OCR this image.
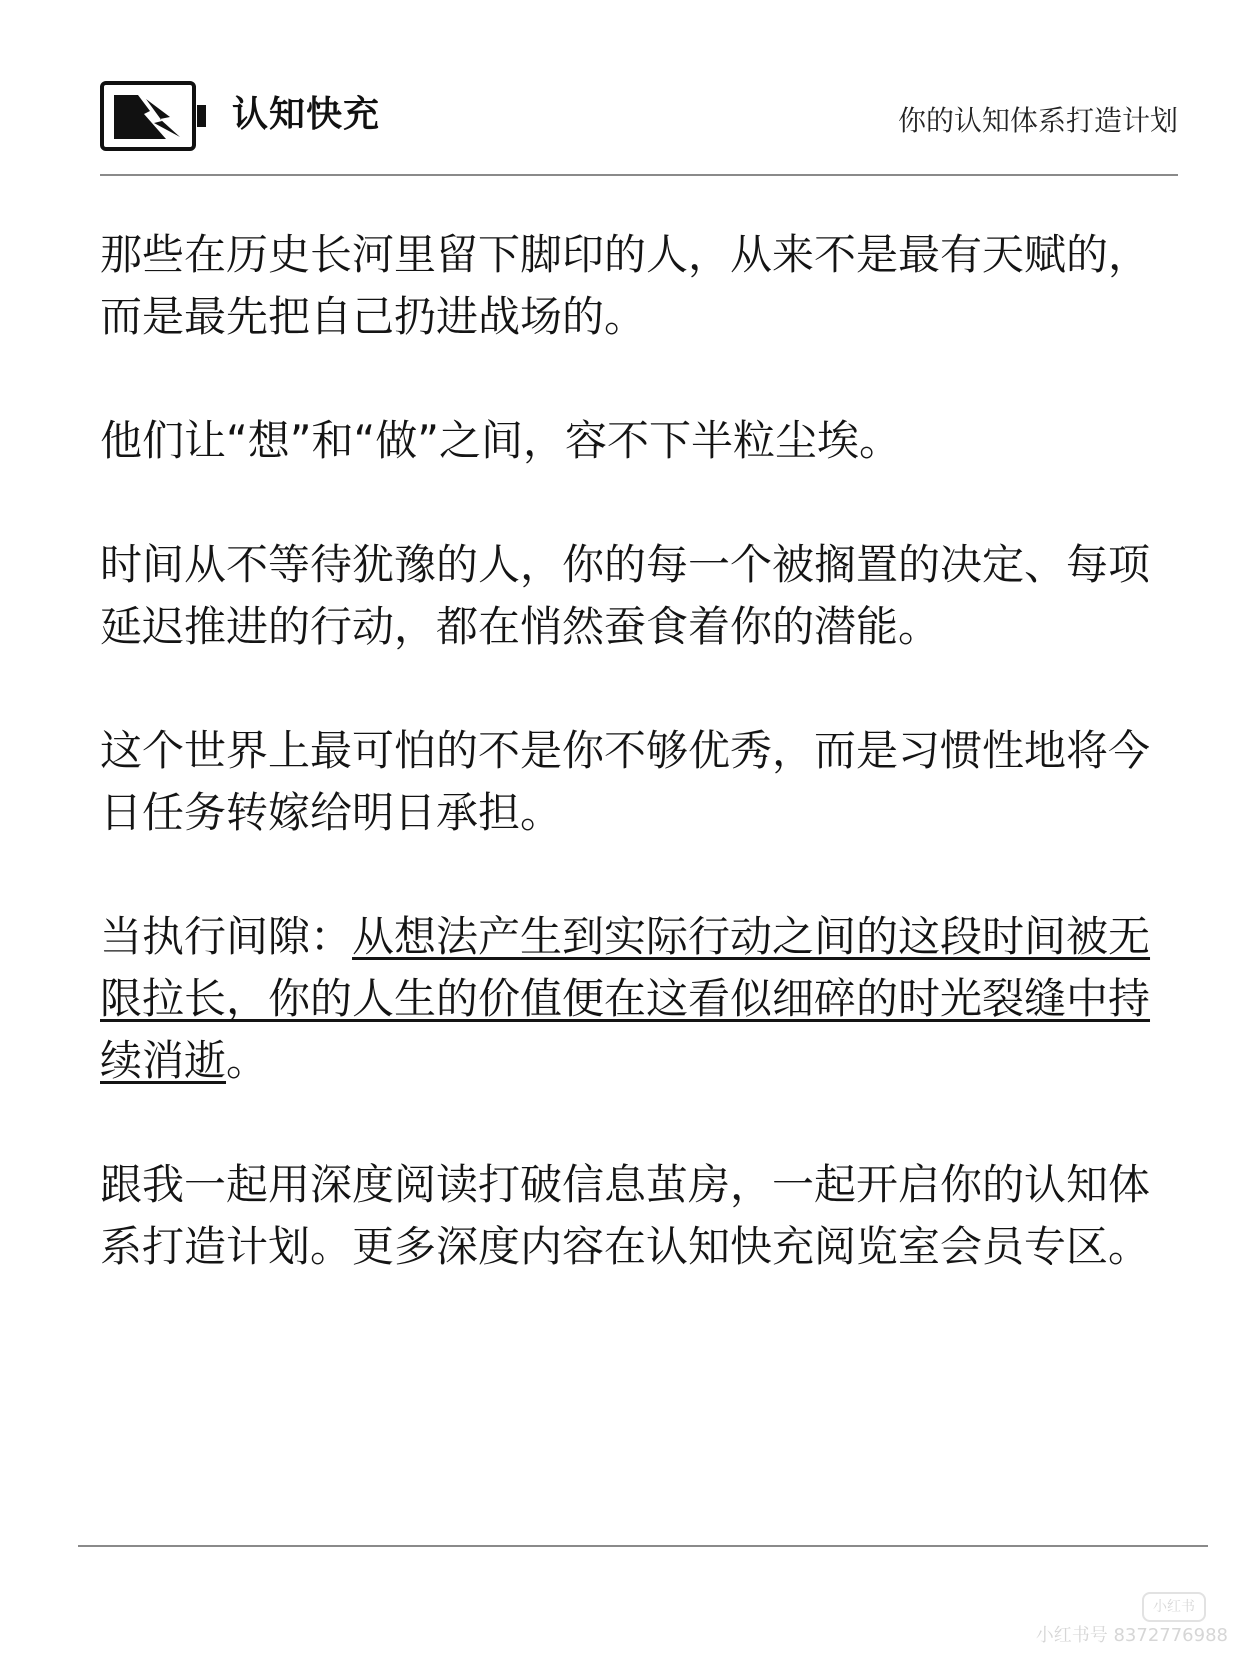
认知快充	你的认知体系打造计划

那些在历史长河里留下脚印的人，从来不是最有天赋的，而是最先把自己扔进战场的。

他们让“想”和“做”之间，容不下半粒尘埃。

时间从不等待犹豫的人，你的每一个被搁置的决定、每项延迟推进的行动，都在悄然蚕食着你的潜能。

这个世界上最可怕的不是你不够优秀，而是习惯性地将今日任务转嫁给明日承担。

当执行间隙：从想法产生到实际行动之间的这段时间被无限拉长，你的人生的价值便在这看似细碎的时光裂缝中持续消逝。

跟我一起用深度阅读打破信息茧房，一起开启你的认知体系打造计划。更多深度内容在认知快充阅览室会员专区。

小红书
小红书号 8372776988
